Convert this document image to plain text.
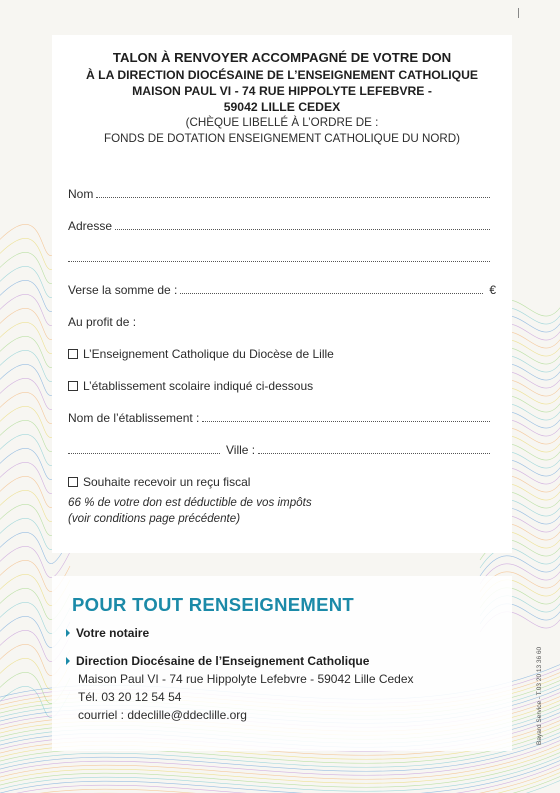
TALON À RENVOYER ACCOMPAGNÉ DE VOTRE DON
À LA DIRECTION DIOCÉSAINE DE L’ENSEIGNEMENT CATHOLIQUE
MAISON PAUL VI - 74 RUE HIPPOLYTE LEFEBVRE -
59042 LILLE CEDEX
(CHÈQUE LIBELLÉ À L’ORDRE DE :
FONDS DE DOTATION ENSEIGNEMENT CATHOLIQUE DU NORD)
Nom
Adresse
Verse la somme de :	€
Au profit de :
L’Enseignement Catholique du Diocèse de Lille
L’établissement scolaire indiqué ci-dessous
Nom de l’établissement :
Ville :
Souhaite recevoir un reçu fiscal
66 % de votre don est déductible de vos impôts
(voir conditions page précédente)
POUR TOUT RENSEIGNEMENT
Votre notaire
Direction Diocésaine de l’Enseignement Catholique
Maison Paul VI - 74 rue Hippolyte Lefebvre - 59042 Lille Cedex
Tél. 03 20 12 54 54
courriel : ddeclille@ddeclille.org	Bayard Service - T.03 20 13 36 60
